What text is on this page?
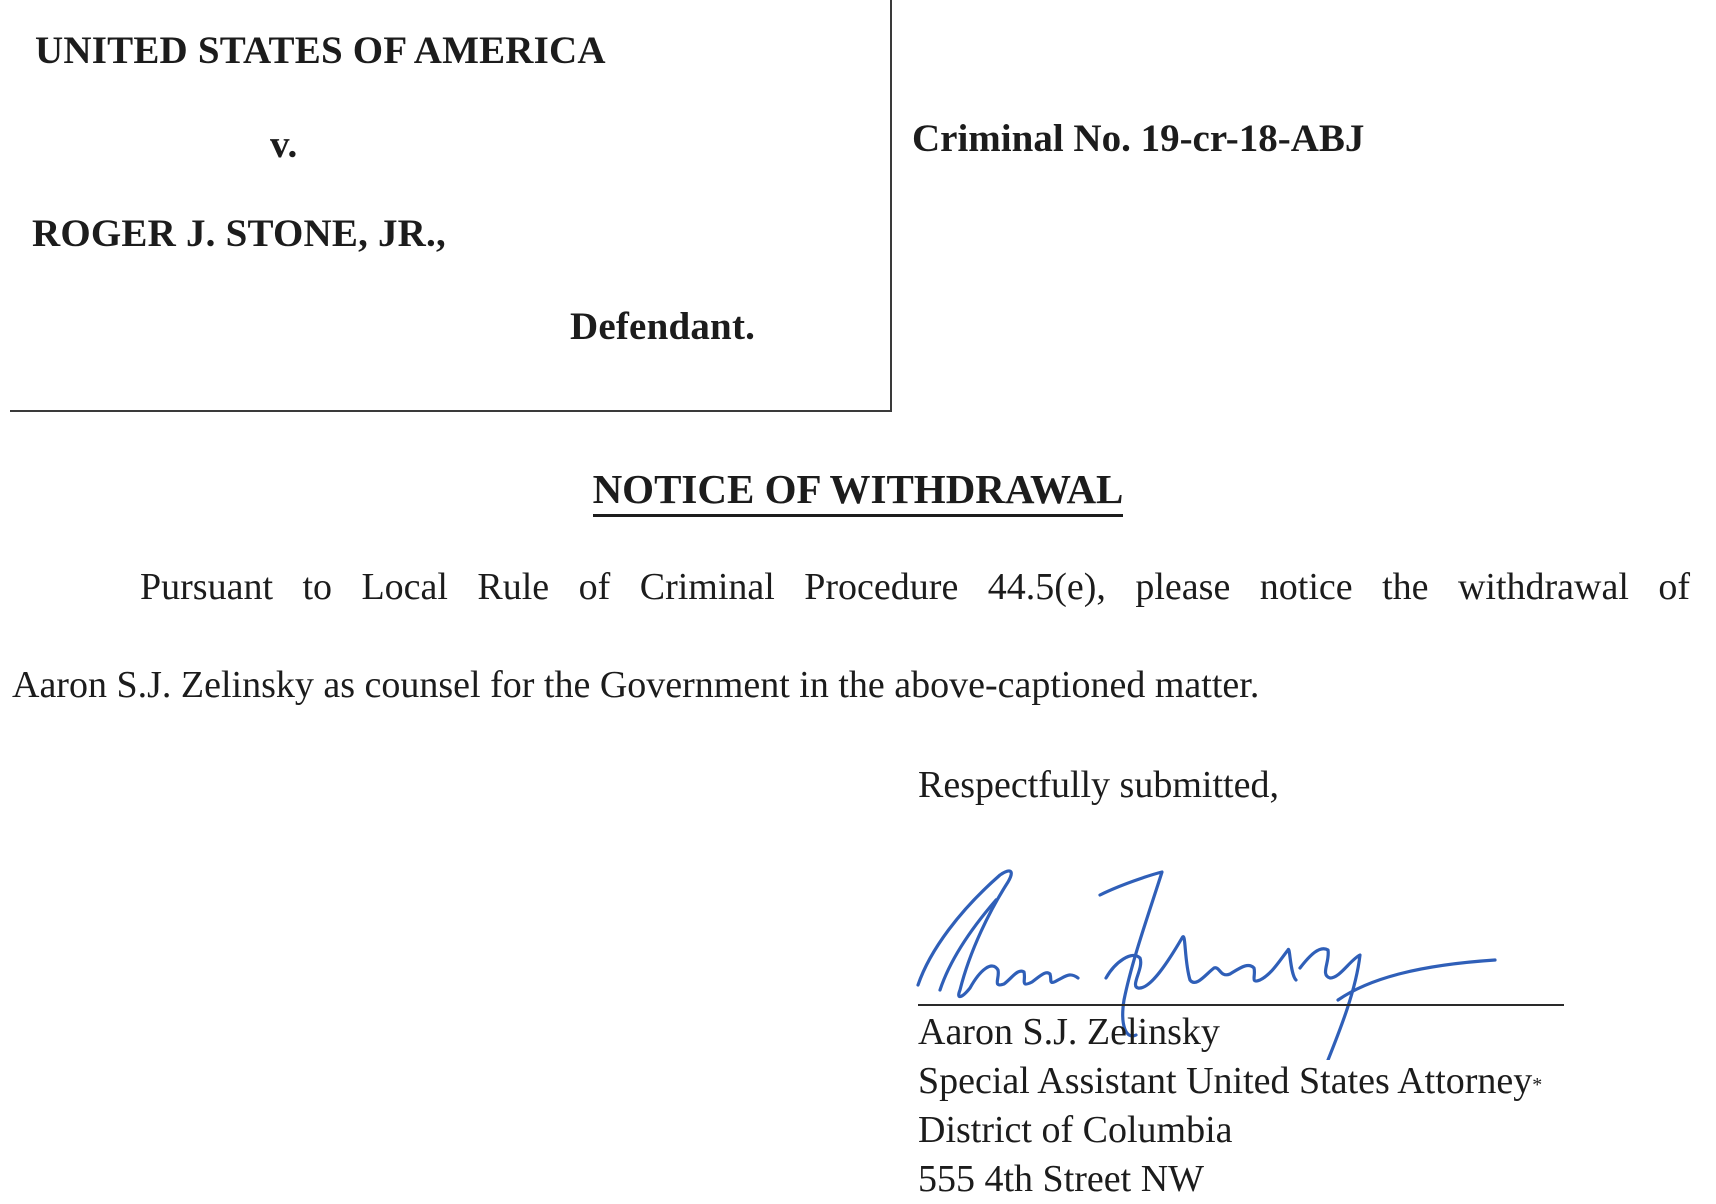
UNITED STATES OF AMERICA
v.
ROGER J. STONE, JR.,
Defendant.
Criminal No. 19-cr-18-ABJ
NOTICE OF WITHDRAWAL
Pursuant to Local Rule of Criminal Procedure 44.5(e), please notice the withdrawal of
Aaron S.J. Zelinsky as counsel for the Government in the above-captioned matter.
Respectfully submitted,
Aaron S.J. Zelinsky
Special Assistant United States Attorney*
District of Columbia
555 4th Street NW
